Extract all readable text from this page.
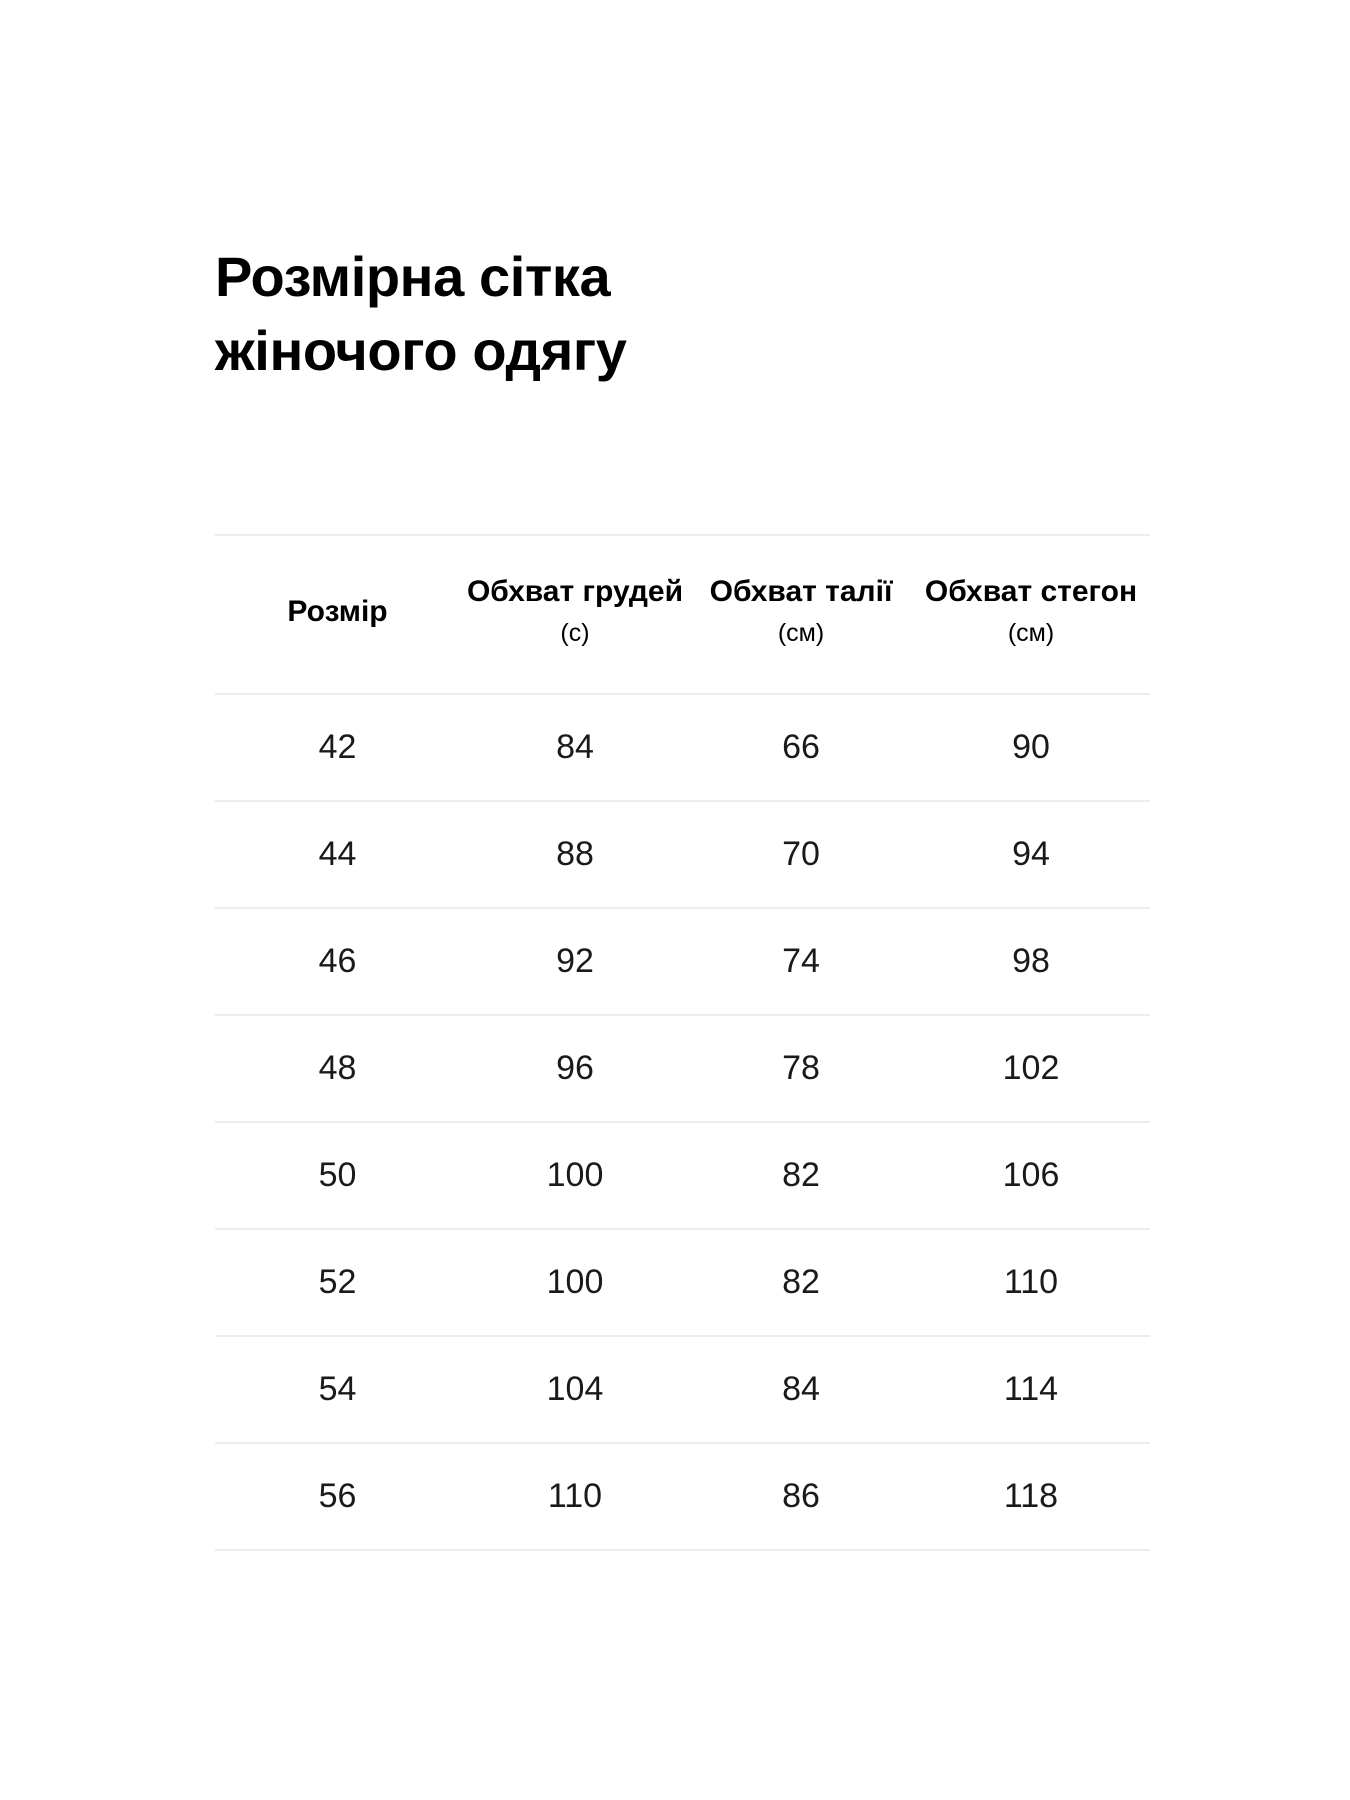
Розмірна сітка
жіночого одягу
Розмір	Обхват грудей (с)	Обхват талії (см)	Обхват стегон (см)
42	84	66	90
44	88	70	94
46	92	74	98
48	96	78	102
50	100	82	106
52	100	82	110
54	104	84	114
56	110	86	118
